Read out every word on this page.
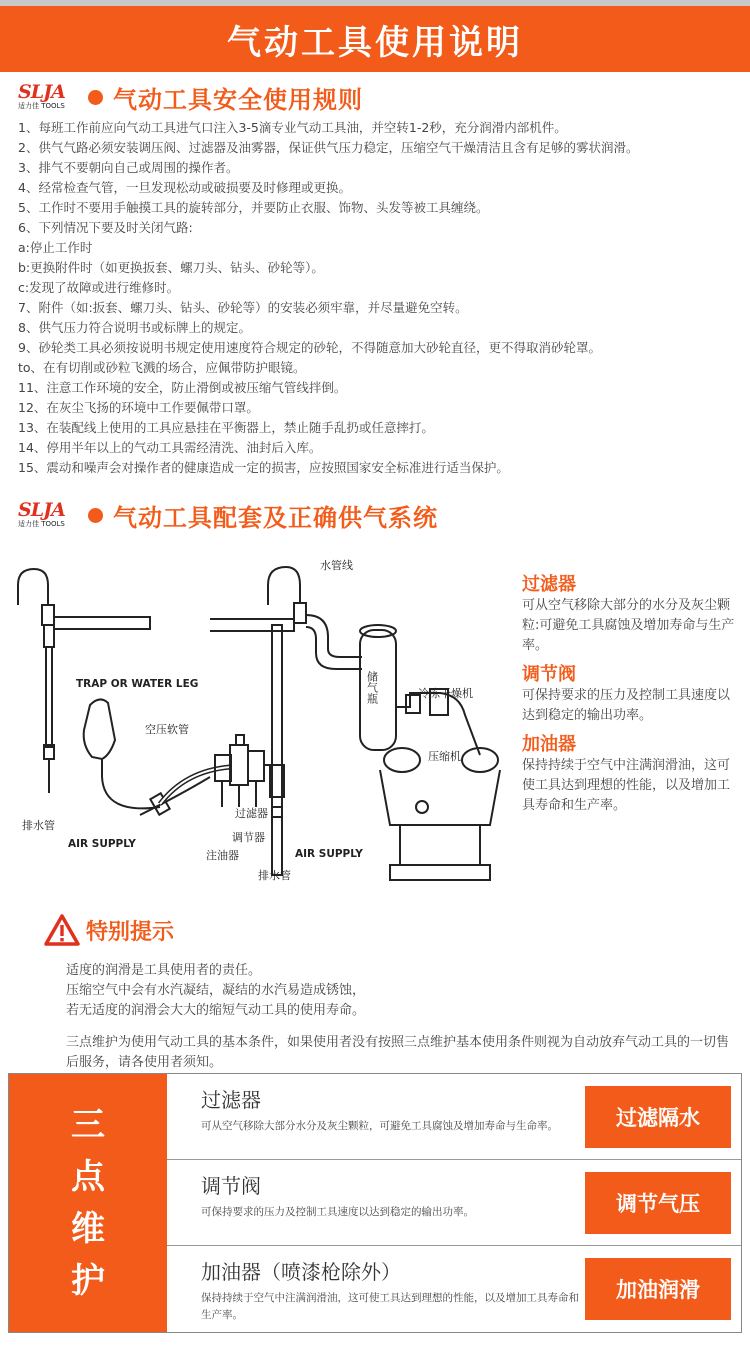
气动工具使用说明
SLJA
适力佳 TOOLS	气动工具安全使用规则
1、每班工作前应向气动工具进气口注入3-5滴专业气动工具油，并空转1-2秒，充分润滑内部机件。
2、供气气路必须安装调压阀、过滤器及油雾器，保证供气压力稳定，压缩空气干燥清洁且含有足够的雾状润滑。
3、排气不要朝向自己或周围的操作者。
4、经常检查气管，一旦发现松动或破损要及时修理或更换。
5、工作时不要用手触摸工具的旋转部分，并要防止衣服、饰物、头发等被工具缠绕。
6、下列情况下要及时关闭气路:
a:停止工作时
b:更换附件时（如更换扳套、螺刀头、钻头、砂轮等）。
c:发现了故障或进行维修时。
7、附件（如:扳套、螺刀头、钻头、砂轮等）的安装必须牢靠，并尽量避免空转。
8、供气压力符合说明书或标牌上的规定。
9、砂轮类工具必须按说明书规定使用速度符合规定的砂轮，不得随意加大砂轮直径，更不得取消砂轮罩。
to、在有切削或砂粒飞溅的场合，应佩带防护眼镜。
11、注意工作环境的安全，防止滑倒或被压缩气管线拌倒。
12、在灰尘飞扬的环境中工作要佩带口罩。
13、在装配线上使用的工具应悬挂在平衡器上，禁止随手乱扔或任意摔打。
14、停用半年以上的气动工具需经清洗、油封后入库。
15、震动和噪声会对操作者的健康造成一定的损害，应按照国家安全标准进行适当保护。
SLJA
适力佳 TOOLS	气动工具配套及正确供气系统
TRAP OR WATER LEG
空压软管
排水管
水管线
冷冻干燥机
压缩机
过滤器
调节器
注油器
排水管
AIR SUPPLY
AIR SUPPLY
储气瓶
过滤器

可从空气移除大部分的水分及灰尘颗粒:可避免工具腐蚀及增加寿命与生产率。

调节阀

可保持要求的压力及控制工具速度以达到稳定的输出功率。

加油器

保持持续于空气中注满润滑油，这可使工具达到理想的性能，以及增加工具寿命和生产率。

特别提示
适度的润滑是工具使用者的责任。
压缩空气中会有水汽凝结，凝结的水汽易造成锈蚀，
若无适度的润滑会大大的缩短气动工具的使用寿命。
三点维护为使用气动工具的基本条件，如果使用者没有按照三点维护基本使用条件则视为自动放弃气动工具的一切售后服务，请各使用者须知。
三
点
维
护
过滤器
可从空气移除大部分水分及灰尘颗粒，可避免工具腐蚀及增加寿命与生命率。	过滤隔水
调节阀
可保持要求的压力及控制工具速度以达到稳定的输出功率。	调节气压
加油器（喷漆枪除外）
保持持续于空气中注满润滑油，这可使工具达到理想的性能，以及增加工具寿命和生产率。
加油润滑
